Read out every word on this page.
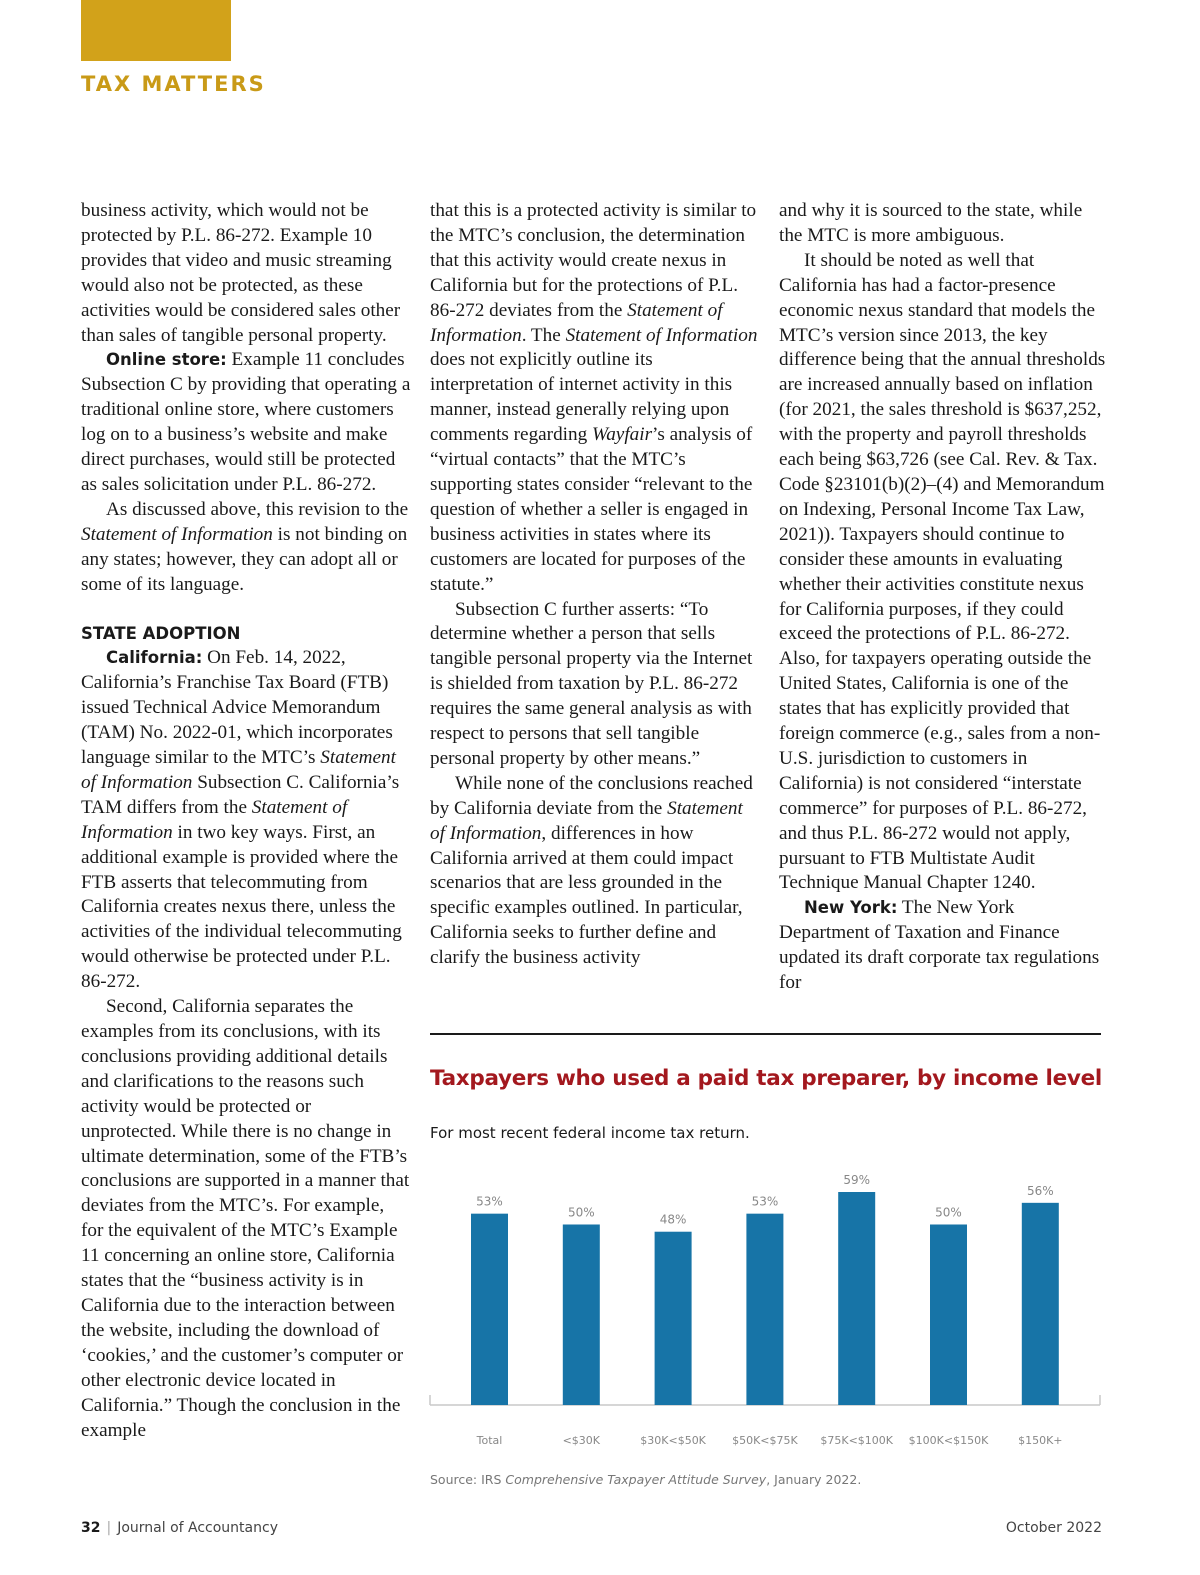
TAX MATTERS

business activity, which would not be protected by P.L. 86-272. Example 10 provides that video and music streaming would also not be protected, as these activities would be considered sales other than sales of tangible personal property.

Online store: Example 11 concludes Subsection C by providing that operating a traditional online store, where customers log on to a business’s website and make direct purchases, would still be protected as sales solicitation under P.L. 86-272.

As discussed above, this revision to the Statement of Information is not binding on any states; however, they can adopt all or some of its language.

STATE ADOPTION

California: On Feb. 14, 2022, California’s Franchise Tax Board (FTB) issued Technical Advice Memorandum (TAM) No. 2022-01, which incorporates language similar to the MTC’s Statement of Information Subsection C. California’s TAM differs from the Statement of Information in two key ways. First, an additional example is provided where the FTB asserts that telecommuting from California creates nexus there, unless the activities of the individual telecommuting would otherwise be protected under P.L. 86-272.

Second, California separates the examples from its conclusions, with its conclusions providing additional details and clarifications to the reasons such activity would be protected or unprotected. While there is no change in ultimate determination, some of the FTB’s conclusions are supported in a manner that deviates from the MTC’s. For example, for the equivalent of the MTC’s Example 11 concerning an online store, California states that the “business activity is in California due to the interaction between the website, including the download of ‘cookies,’ and the customer’s computer or other electronic device located in California.” Though the conclusion in the example

that this is a protected activity is similar to the MTC’s conclusion, the determination that this activity would create nexus in California but for the protections of P.L. 86-272 deviates from the Statement of Information. The Statement of Information does not explicitly outline its interpretation of internet activity in this manner, instead generally relying upon comments regarding Wayfair’s analysis of “virtual contacts” that the MTC’s supporting states consider “relevant to the question of whether a seller is engaged in business activities in states where its customers are located for purposes of the statute.”

Subsection C further asserts: “To determine whether a person that sells tangible personal property via the Internet is shielded from taxation by P.L. 86-272 requires the same general analysis as with respect to persons that sell tangible personal property by other means.”

While none of the conclusions reached by California deviate from the Statement of Information, differences in how California arrived at them could impact scenarios that are less grounded in the specific examples outlined. In particular, California seeks to further define and clarify the business activity

and why it is sourced to the state, while the MTC is more ambiguous.

It should be noted as well that California has had a factor-presence economic nexus standard that models the MTC’s version since 2013, the key difference being that the annual thresholds are increased annually based on inflation (for 2021, the sales threshold is $637,252, with the property and payroll thresholds each being $63,726 (see Cal. Rev. & Tax. Code §23101(b)(2)–(4) and Memorandum on Indexing, Personal Income Tax Law, 2021)). Taxpayers should continue to consider these amounts in evaluating whether their activities constitute nexus for California purposes, if they could exceed the protections of P.L. 86-272. Also, for taxpayers operating outside the United States, California is one of the states that has explicitly provided that foreign commerce (e.g., sales from a non-U.S. jurisdiction to customers in California) is not considered “interstate commerce” for purposes of P.L. 86-272, and thus P.L. 86-272 would not apply, pursuant to FTB Multistate Audit Technique Manual Chapter 1240.

New York: The New York Department of Taxation and Finance updated its draft corporate tax regulations for

Taxpayers who used a paid tax preparer, by income level
For most recent federal income tax return.
53%
Total
50%
<$30K
48%
$30K<$50K
53%
$50K<$75K
59%
$75K<$100K
50%
$100K<$150K
56%
$150K+
Source: IRS Comprehensive Taxpayer Attitude Survey, January 2022.
32 | Journal of Accountancy	October 2022
